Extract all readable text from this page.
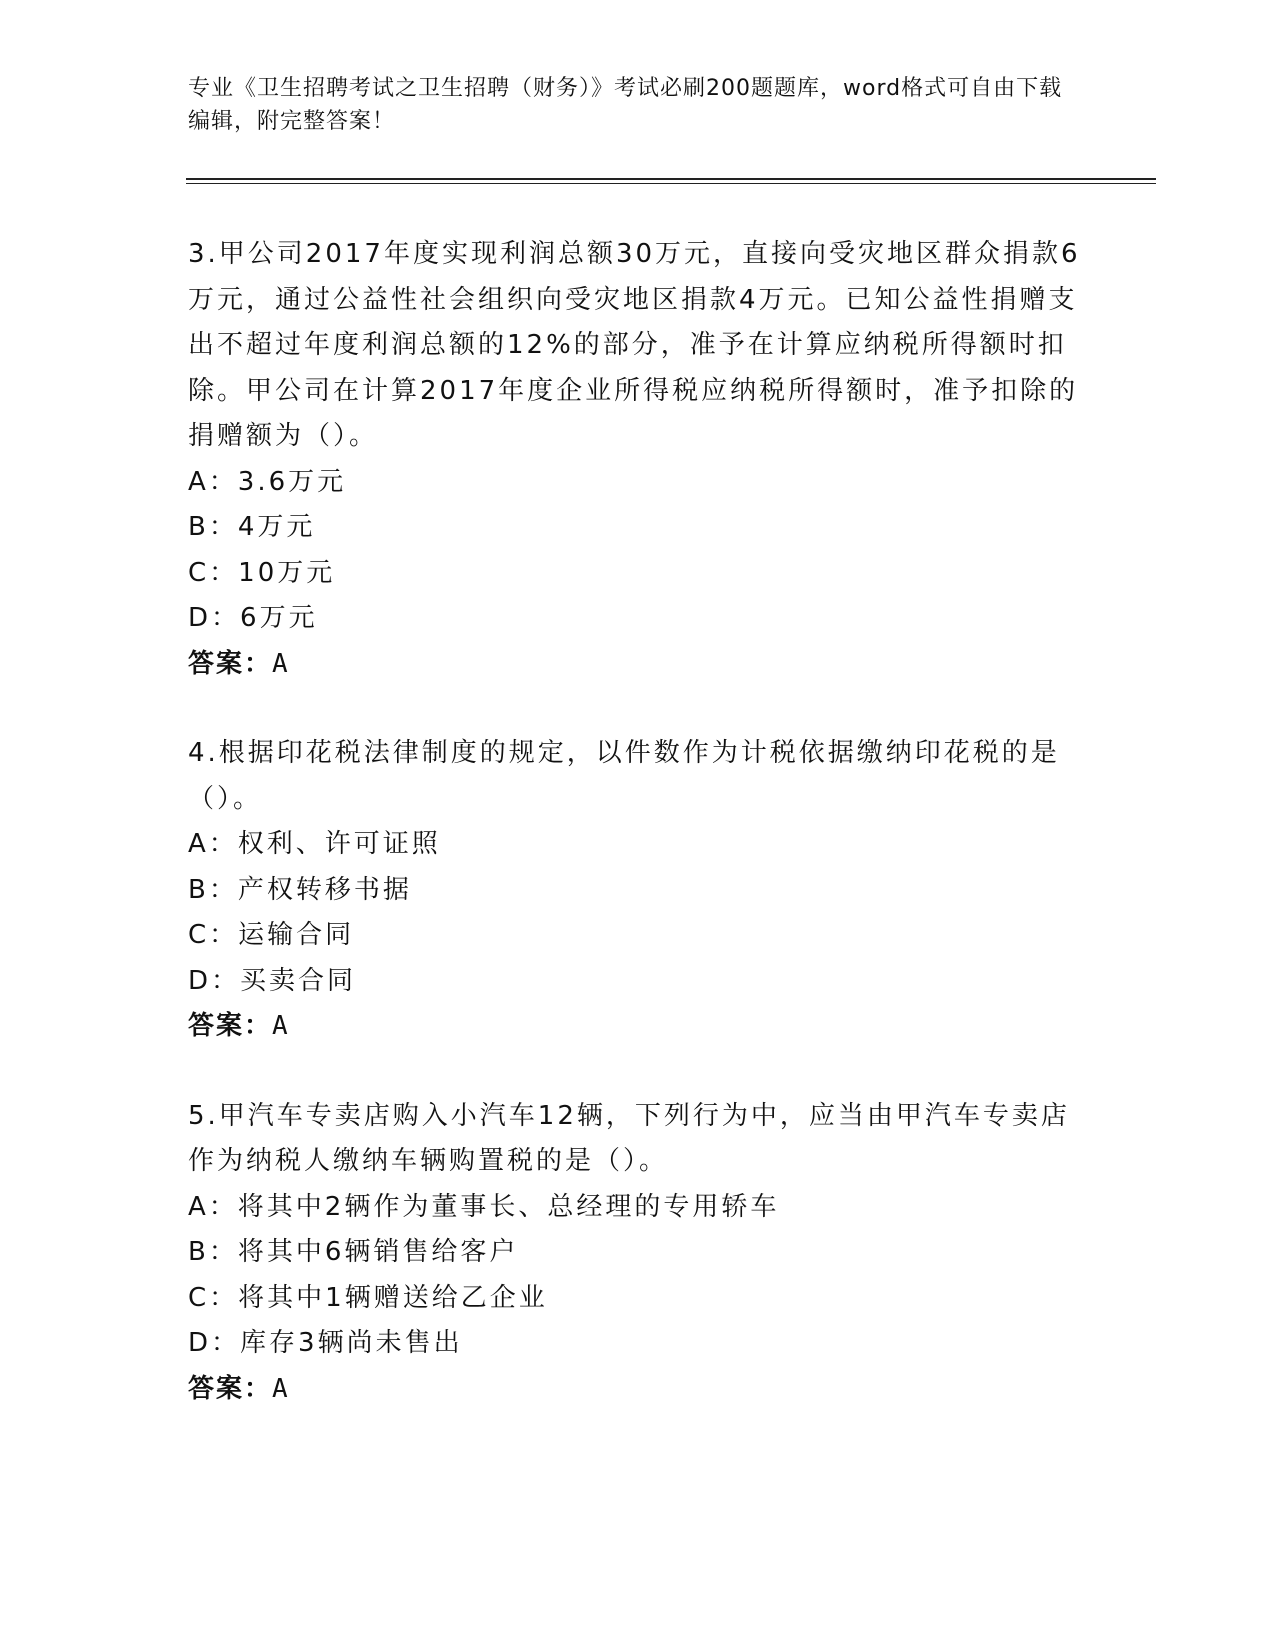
专业《卫生招聘考试之卫生招聘（财务）》考试必刷200题题库，word格式可自由下载编辑，附完整答案！

3.甲公司2017年度实现利润总额30万元，直接向受灾地区群众捐款6万元，通过公益性社会组织向受灾地区捐款4万元。已知公益性捐赠支出不超过年度利润总额的12%的部分，准予在计算应纳税所得额时扣除。甲公司在计算2017年度企业所得税应纳税所得额时，准予扣除的捐赠额为（）。

A：3.6万元

B：4万元

C：10万元

D：6万元

答案：A

4.根据印花税法律制度的规定，以件数作为计税依据缴纳印花税的是（）。

A：权利、许可证照

B：产权转移书据

C：运输合同

D：买卖合同

答案：A

5.甲汽车专卖店购入小汽车12辆，下列行为中，应当由甲汽车专卖店作为纳税人缴纳车辆购置税的是（）。

A：将其中2辆作为董事长、总经理的专用轿车

B：将其中6辆销售给客户

C：将其中1辆赠送给乙企业

D：库存3辆尚未售出

答案：A
